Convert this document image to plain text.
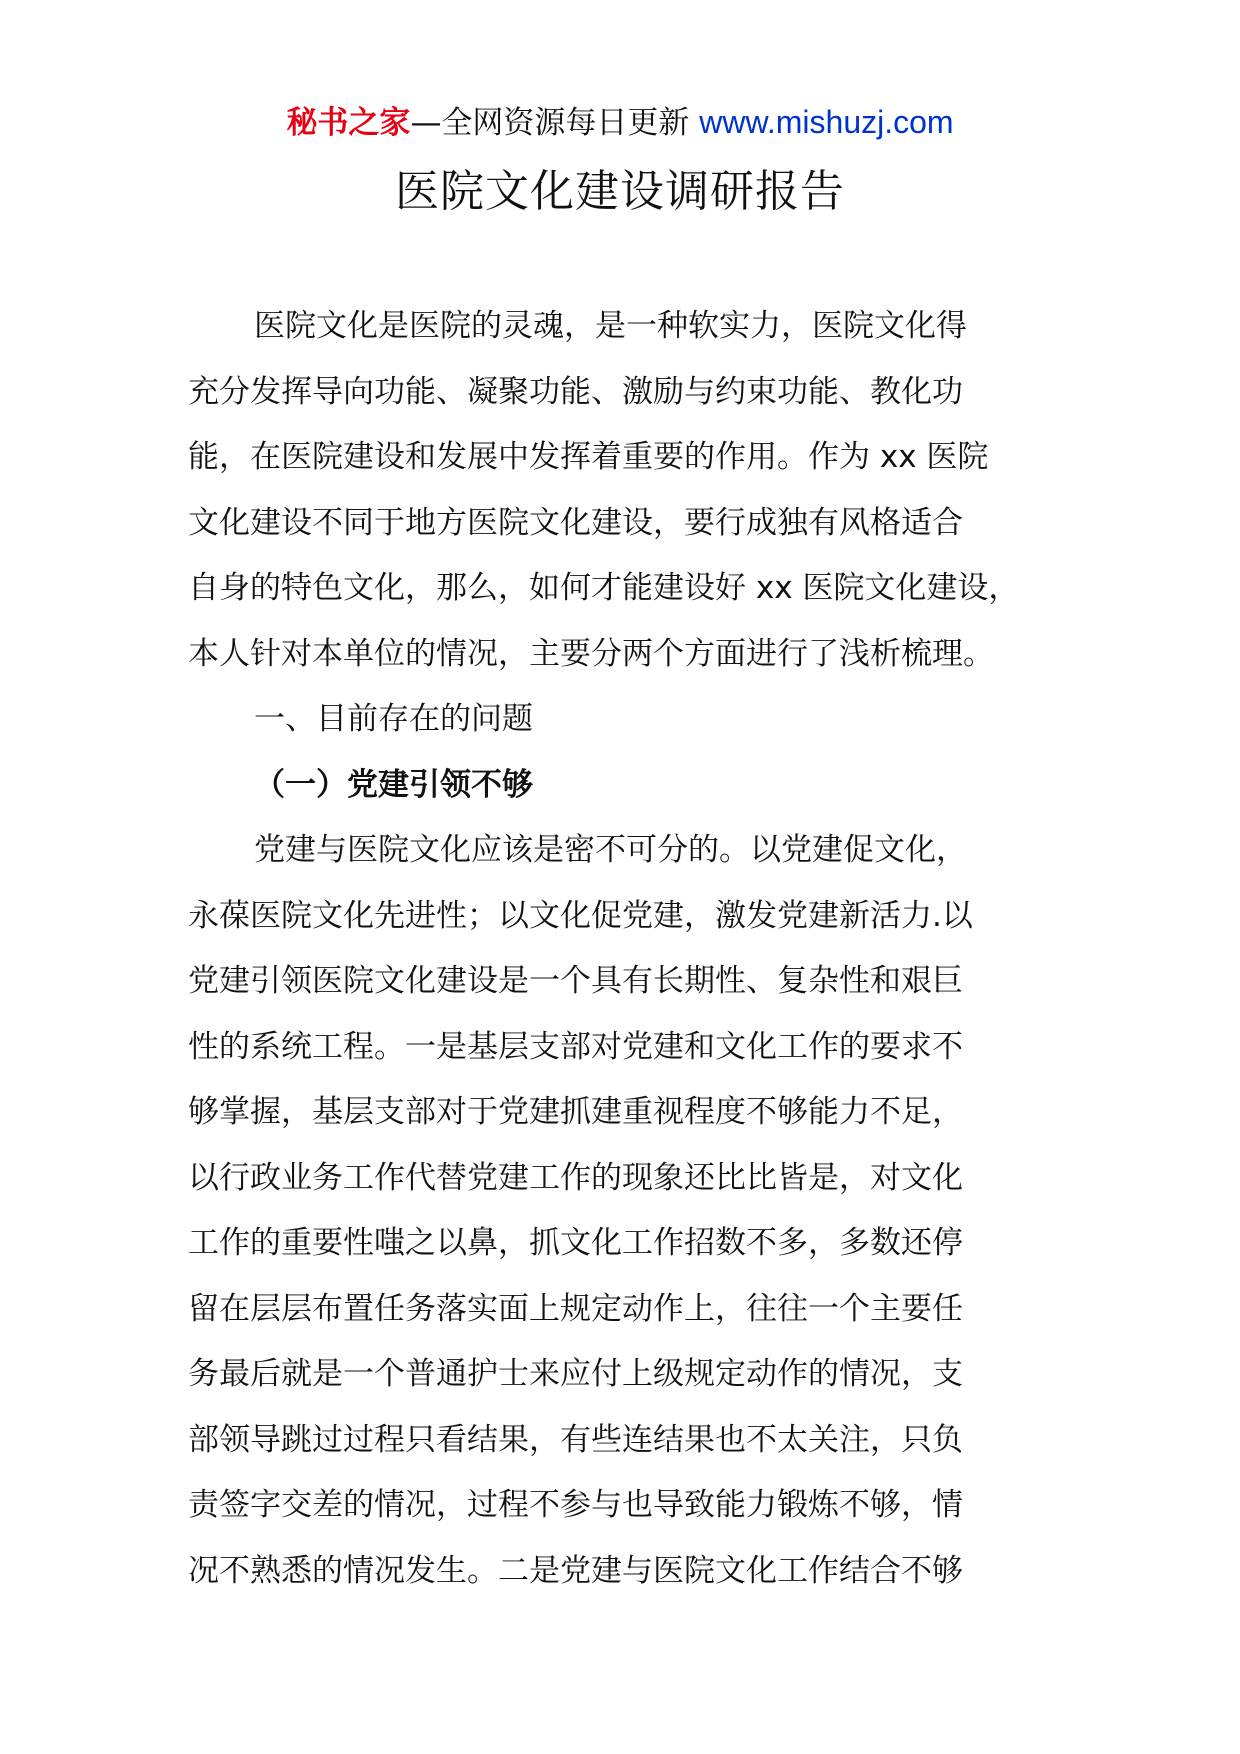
秘书之家—全网资源每日更新 www.mishuzj.com
医院文化建设调研报告
医院文化是医院的灵魂，是一种软实力，医院文化得
充分发挥导向功能、凝聚功能、激励与约束功能、教化功
能，在医院建设和发展中发挥着重要的作用。作为 xx 医院
文化建设不同于地方医院文化建设，要行成独有风格适合
自身的特色文化，那么，如何才能建设好 xx 医院文化建设，
本人针对本单位的情况，主要分两个方面进行了浅析梳理。
一、目前存在的问题
（一）党建引领不够
党建与医院文化应该是密不可分的。以党建促文化，
永葆医院文化先进性；以文化促党建，激发党建新活力.以
党建引领医院文化建设是一个具有长期性、复杂性和艰巨
性的系统工程。一是基层支部对党建和文化工作的要求不
够掌握，基层支部对于党建抓建重视程度不够能力不足，
以行政业务工作代替党建工作的现象还比比皆是，对文化
工作的重要性嗤之以鼻，抓文化工作招数不多，多数还停
留在层层布置任务落实面上规定动作上，往往一个主要任
务最后就是一个普通护士来应付上级规定动作的情况，支
部领导跳过过程只看结果，有些连结果也不太关注，只负
责签字交差的情况，过程不参与也导致能力锻炼不够，情
况不熟悉的情况发生。二是党建与医院文化工作结合不够
